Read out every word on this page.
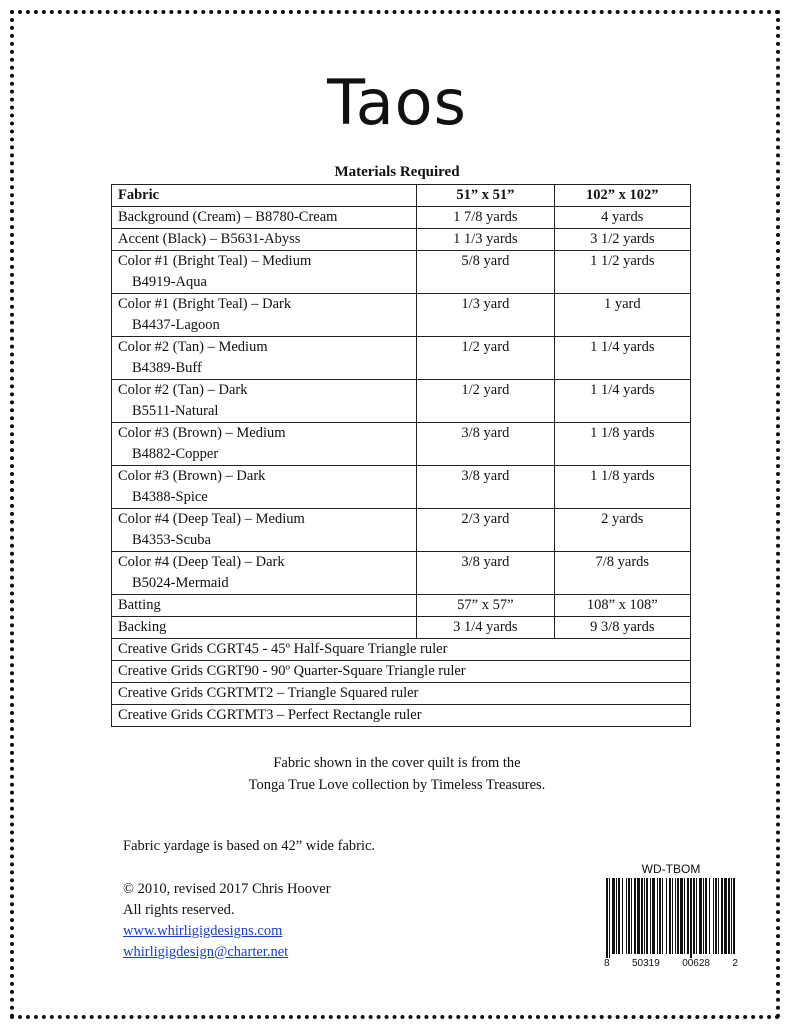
Taos
Materials Required
Fabric	51” x 51”	102” x 102”
Background (Cream) – B8780-Cream	1 7/8 yards	4 yards
Accent (Black) – B5631-Abyss	1 1/3 yards	3 1/2 yards
Color #1 (Bright Teal) – Medium
B4919-Aqua	5/8 yard	1 1/2 yards
Color #1 (Bright Teal) – Dark
B4437-Lagoon	1/3 yard	1 yard
Color #2 (Tan) – Medium
B4389-Buff	1/2 yard	1 1/4 yards
Color #2 (Tan) – Dark
B5511-Natural	1/2 yard	1 1/4 yards
Color #3 (Brown) – Medium
B4882-Copper	3/8 yard	1 1/8 yards
Color #3 (Brown) – Dark
B4388-Spice	3/8 yard	1 1/8 yards
Color #4 (Deep Teal) – Medium
B4353-Scuba	2/3 yard	2 yards
Color #4 (Deep Teal) – Dark
B5024-Mermaid	3/8 yard	7/8 yards
Batting	57” x 57”	108” x 108”
Backing	3 1/4 yards	9 3/8 yards
Creative Grids CGRT45 - 45º Half-Square Triangle ruler		
Creative Grids CGRT90 - 90º Quarter-Square Triangle ruler		
Creative Grids CGRTMT2 – Triangle Squared ruler		
Creative Grids CGRTMT3 – Perfect Rectangle ruler		
Fabric shown in the cover quilt is from the
Tonga True Love collection by Timeless Treasures.
Fabric yardage is based on 42” wide fabric.
© 2010, revised 2017 Chris Hoover
All rights reserved.
www.whirligigdesigns.com
whirligigdesign@charter.net
WD-TBOM
8 50319 00628 2
